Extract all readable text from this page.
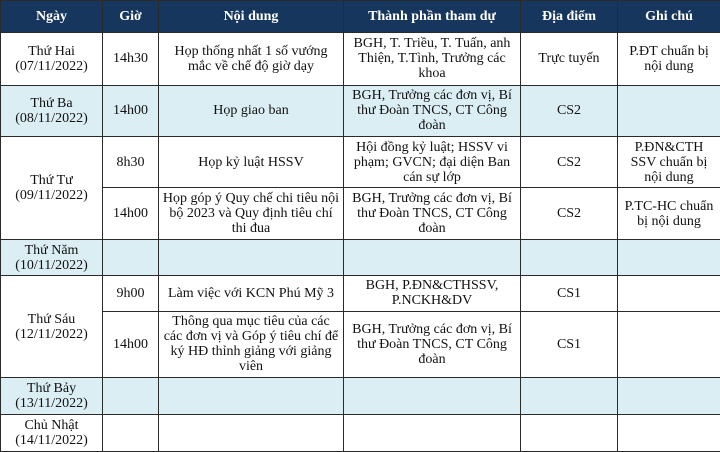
Ngày	Giờ	Nội dung	Thành phần tham dự	Địa điểm	Ghi chú

Thứ Hai
(07/11/2022)	14h30	Họp thống nhất 1 số vướng mắc về chế độ giờ dạy	BGH, T. Triều, T. Tuấn, anh Thiện, T.Tình, Trưởng các khoa	Trực tuyến	P.ĐT chuẩn bị nội dung

Thứ Ba
(08/11/2022)	14h00	Họp giao ban	BGH, Trưởng các đơn vị, Bí thư Đoàn TNCS, CT Công đoàn	CS2	

Thứ Tư
(09/11/2022)	8h30	Họp kỷ luật HSSV	Hội đồng kỷ luật; HSSV vi phạm; GVCN; đại diện Ban cán sự lớp	CS2	P.ĐN&CTH SSV chuẩn bị nội dung
	14h00	Họp góp ý Quy chế chi tiêu nội bộ 2023 và Quy định tiêu chí thi đua	BGH, Trưởng các đơn vị, Bí thư Đoàn TNCS, CT Công đoàn	CS2	P.TC-HC chuẩn bị nội dung

Thứ Năm
(10/11/2022)					

Thứ Sáu
(12/11/2022)	9h00	Làm việc với KCN Phú Mỹ 3	BGH, P.ĐN&CTHSSV, P.NCKH&DV	CS1	
	14h00	Thông qua mục tiêu của các các đơn vị và Góp ý tiêu chí để ký HĐ thỉnh giảng với giảng viên	BGH, Trưởng các đơn vị, Bí thư Đoàn TNCS, CT Công đoàn	CS1	

Thứ Bảy
(13/11/2022)					

Chủ Nhật
(14/11/2022)					
